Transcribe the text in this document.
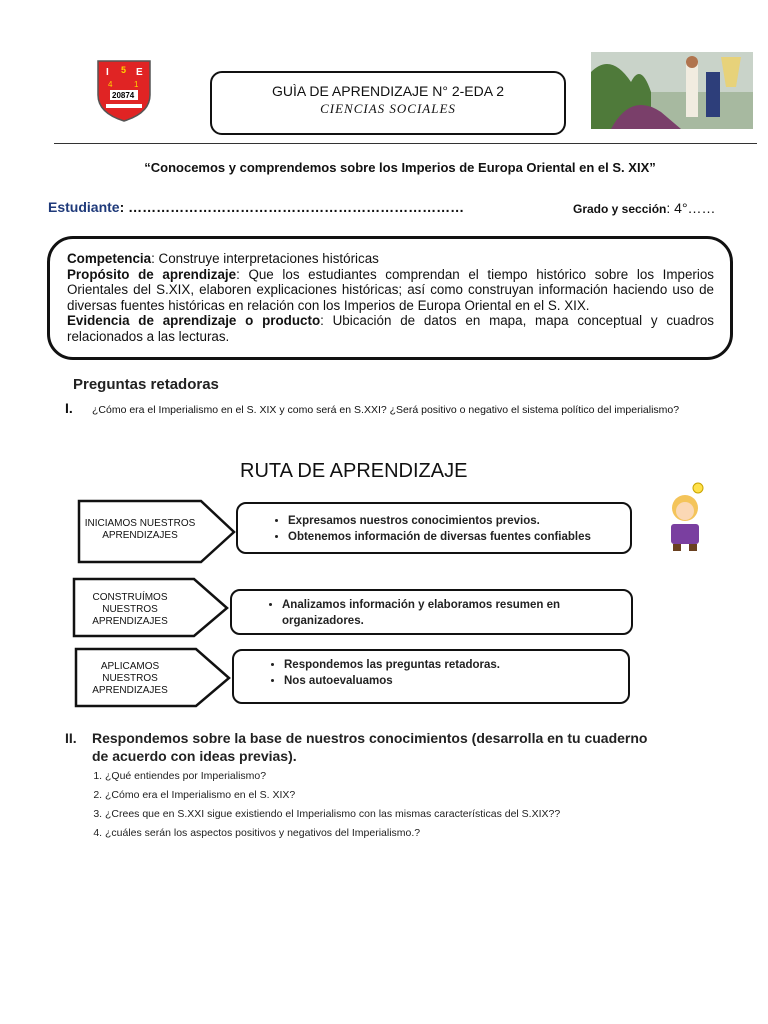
I 5 E
4	1
20874	GUÌA DE APRENDIZAJE N° 2-EDA 2
CIENCIAS SOCIALES
“Conocemos y comprendemos sobre los Imperios de Europa Oriental en el S. XIX”
Estudiante: ………………………………………………………………	Grado y sección: 4°……
Competencia: Construye interpretaciones históricas
Propósito de aprendizaje: Que los estudiantes comprendan el tiempo histórico sobre los Imperios Orientales del S.XIX, elaboren explicaciones históricas; así como construyan información haciendo uso de diversas fuentes históricas en relación con los Imperios de Europa Oriental en el S. XIX.
Evidencia de aprendizaje o producto: Ubicación de datos en mapa, mapa conceptual y cuadros relacionados a las lecturas.
Preguntas retadoras
I. ¿Cómo era el Imperialismo en el S. XIX y como será en S.XXI? ¿Será positivo o negativo el sistema político del imperialismo?
RUTA DE APRENDIZAJE
INICIAMOS NUESTROS APRENDIZAJES
• Expresamos nuestros conocimientos previos.
• Obtenemos información de diversas fuentes confiables
CONSTRUÍMOS NUESTROS APRENDIZAJES
• Analizamos información y elaboramos resumen en organizadores.
APLICAMOS NUESTROS APRENDIZAJES
• Respondemos las preguntas retadoras.
• Nos autoevaluamos
II.	Respondemos sobre la base de nuestros conocimientos (desarrolla en tu cuaderno de acuerdo con ideas previas).
1. ¿Qué entiendes por Imperialismo?
2. ¿Cómo era el Imperialismo en el S. XIX?
3. ¿Crees que en S.XXI sigue existiendo el Imperialismo con las mismas características del S.XIX??
4. ¿cuáles serán los aspectos positivos y negativos del Imperialismo.?
